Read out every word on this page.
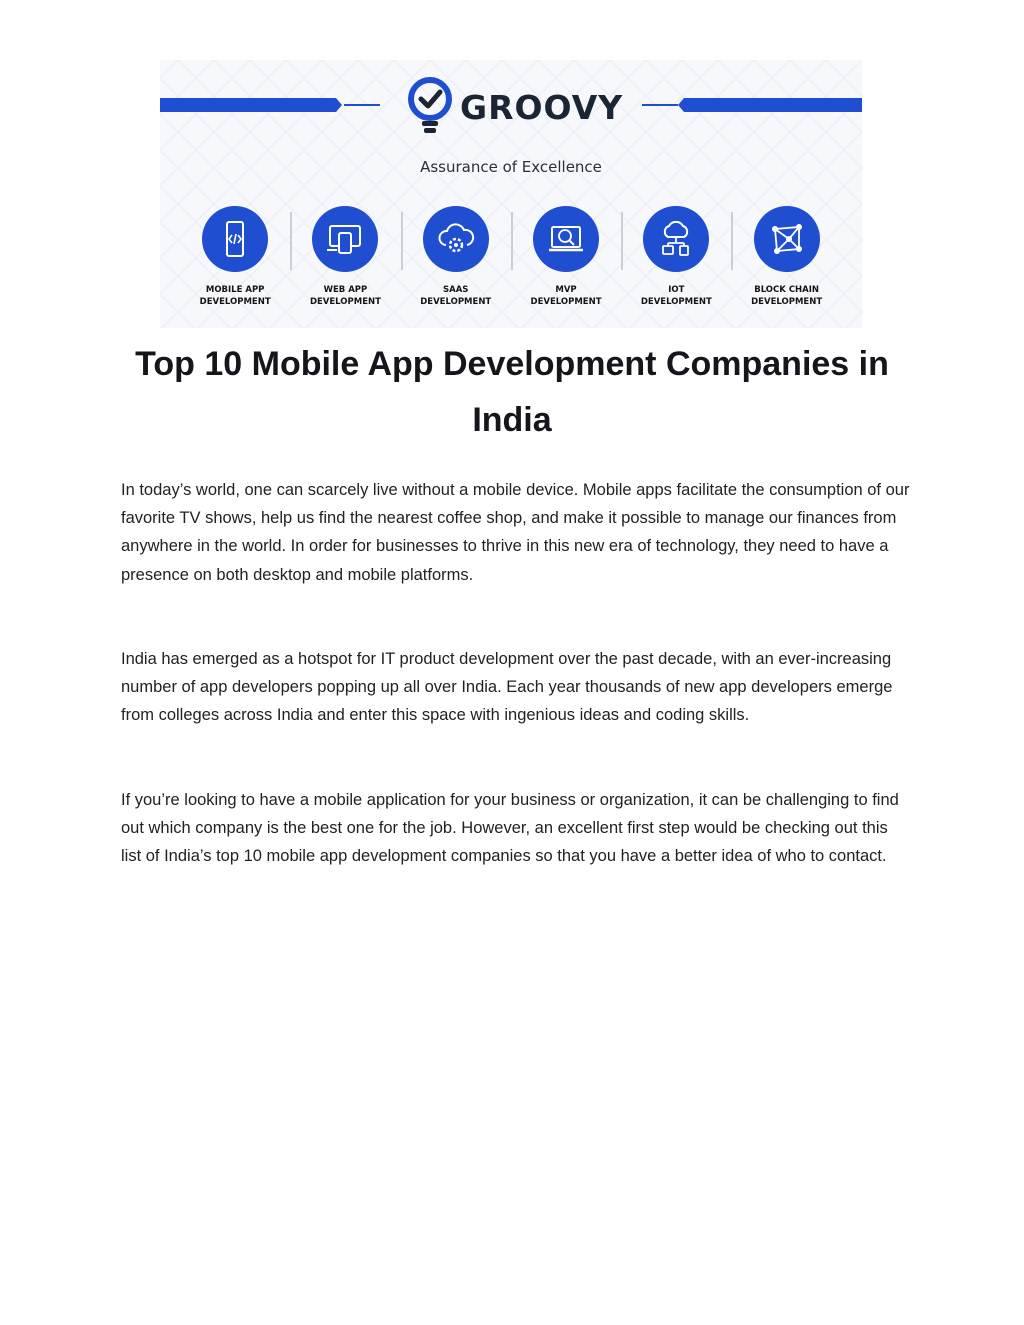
GROOVY
Assurance of Excellence
MOBILE APP
DEVELOPMENT
WEB APP
DEVELOPMENT
SAAS
DEVELOPMENT
MVP
DEVELOPMENT
IOT
DEVELOPMENT
BLOCK CHAIN
DEVELOPMENT
Top 10 Mobile App Development Companies in India

In today’s world, one can scarcely live without a mobile device. Mobile apps facilitate the consumption of our favorite TV shows, help us find the nearest coffee shop, and make it possible to manage our finances from anywhere in the world. In order for businesses to thrive in this new era of technology, they need to have a presence on both desktop and mobile platforms.

India has emerged as a hotspot for IT product development over the past decade, with an ever-increasing number of app developers popping up all over India. Each year thousands of new app developers emerge from colleges across India and enter this space with ingenious ideas and coding skills.

If you’re looking to have a mobile application for your business or organization, it can be challenging to find out which company is the best one for the job. However, an excellent first step would be checking out this list of India’s top 10 mobile app development companies so that you have a better idea of who to contact.
